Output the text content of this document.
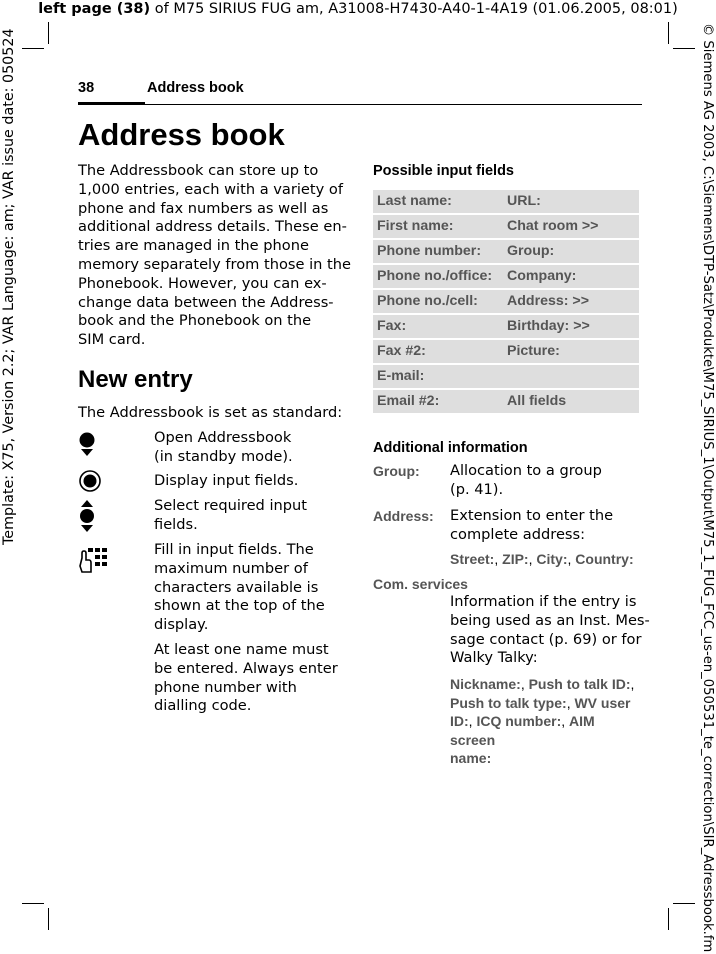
left page (38) of M75 SIRIUS FUG am, A31008-H7430-A40-1-4A19 (01.06.2005, 08:01)
Template: X75, Version 2.2; VAR Language: am; VAR issue date: 050524	© Siemens AG 2003, C:\Siemens\DTP-Satz\Produkte\M75_SIRIUS_1\Output\M75_1_FUG_FCC_us-en_050531_te_correction\SIR_Adressbook.fm
38	Address book
Address book
The Addressbook can store up to
1,000 entries, each with a variety of
phone and fax numbers as well as
additional address details. These en-
tries are managed in the phone
memory separately from those in the
Phonebook. However, you can ex-
change data between the Address-
book and the Phonebook on the
SIM card.
New entry
The Addressbook is set as standard:
Open Addressbook
(in standby mode).
Display input fields.
Select required input
fields.
Fill in input fields. The
maximum number of
characters available is
shown at the top of the
display.
At least one name must
be entered. Always enter
phone number with
dialling code.
Possible input fields
Last name:	URL:
First name:	Chat room >>
Phone number:	Group:
Phone no./office:	Company:
Phone no./cell:	Address: >>
Fax:	Birthday: >>
Fax #2:	Picture:
E-mail:
Email #2:	All fields
Additional information
Group: Allocation to a group
(p. 41).
Address: Extension to enter the
complete address:
Street:, ZIP:, City:, Country:
Com. services
Information if the entry is
being used as an Inst. Mes-
sage contact (p. 69) or for
Walky Talky:
Nickname:, Push to talk ID:,
Push to talk type:, WV user
ID:, ICQ number:, AIM screen
name:
